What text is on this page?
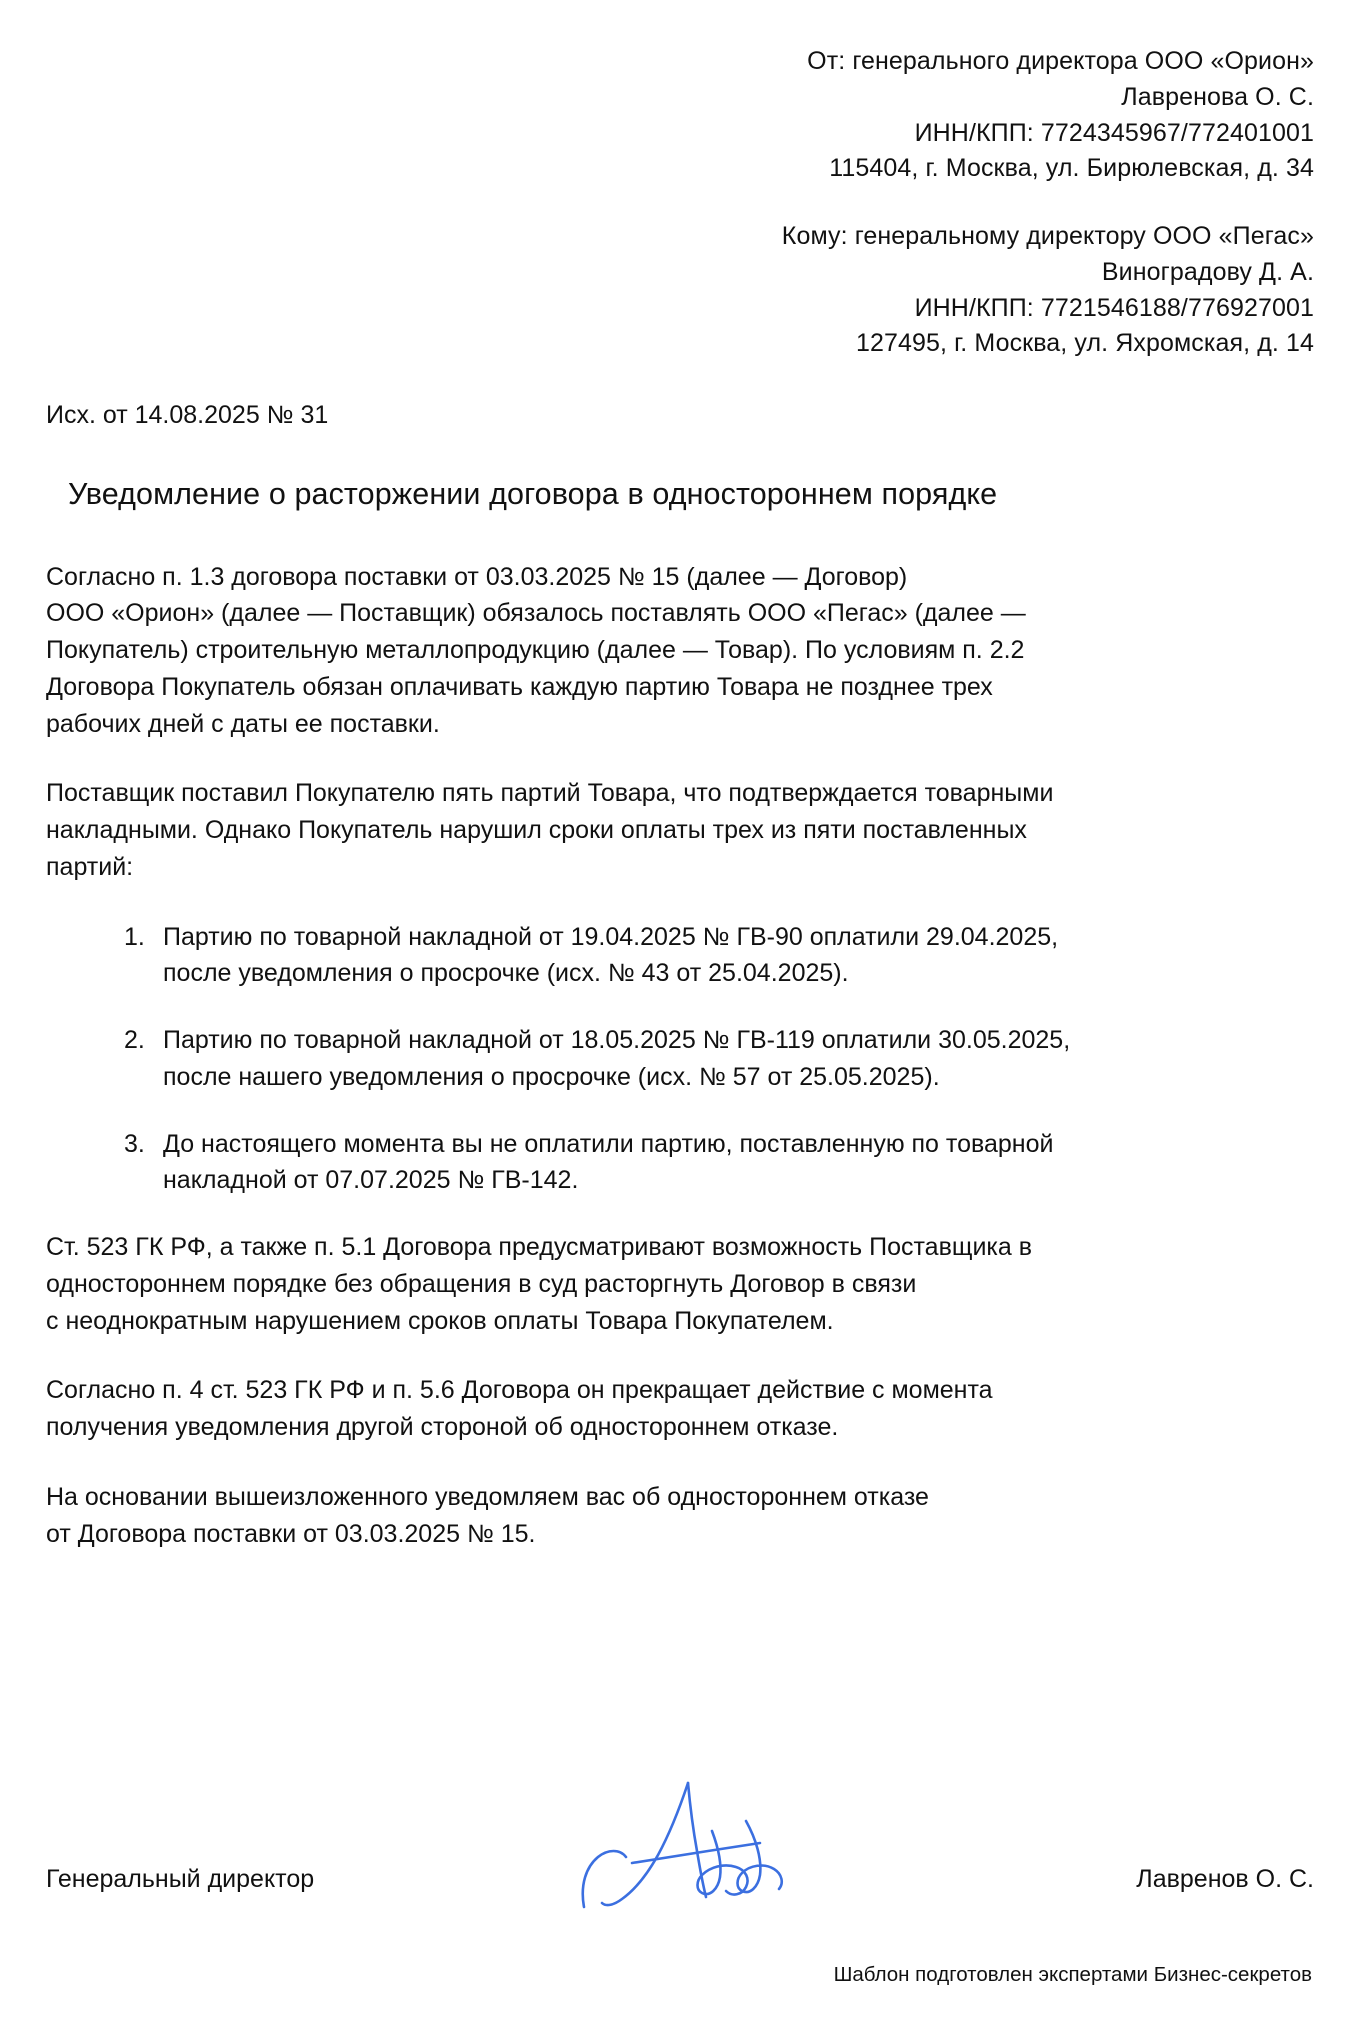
От: генерального директора ООО «Орион»
Лавренова О. С.
ИНН/КПП: 7724345967/772401001
115404, г. Москва, ул. Бирюлевская, д. 34
Кому: генеральному директору ООО «Пегас»
Виноградову Д. А.
ИНН/КПП: 7721546188/776927001
127495, г. Москва, ул. Яхромская, д. 14
Исх. от 14.08.2025 № 31
Уведомление о расторжении договора в одностороннем порядке

Согласно п. 1.3 договора поставки от 03.03.2025 № 15 (далее — Договор)
ООО «Орион» (далее — Поставщик) обязалось поставлять ООО «Пегас» (далее —
Покупатель) строительную металлопродукцию (далее — Товар). По условиям п. 2.2
Договора Покупатель обязан оплачивать каждую партию Товара не позднее трех
рабочих дней с даты ее поставки.

Поставщик поставил Покупателю пять партий Товара, что подтверждается товарными
накладными. Однако Покупатель нарушил сроки оплаты трех из пяти поставленных
партий:

Партию по товарной накладной от 19.04.2025 № ГВ-90 оплатили 29.04.2025,
после уведомления о просрочке (исх. № 43 от 25.04.2025).
Партию по товарной накладной от 18.05.2025 № ГВ-119 оплатили 30.05.2025,
после нашего уведомления о просрочке (исх. № 57 от 25.05.2025).
До настоящего момента вы не оплатили партию, поставленную по товарной
накладной от 07.07.2025 № ГВ-142.

Ст. 523 ГК РФ, а также п. 5.1 Договора предусматривают возможность Поставщика в
одностороннем порядке без обращения в суд расторгнуть Договор в связи
с неоднократным нарушением сроков оплаты Товара Покупателем.

Согласно п. 4 ст. 523 ГК РФ и п. 5.6 Договора он прекращает действие с момента
получения уведомления другой стороной об одностороннем отказе.

На основании вышеизложенного уведомляем вас об одностороннем отказе
от Договора поставки от 03.03.2025 № 15.

Генеральный директор	Лавренов О. С.
Шаблон подготовлен экспертами Бизнес-секретов
